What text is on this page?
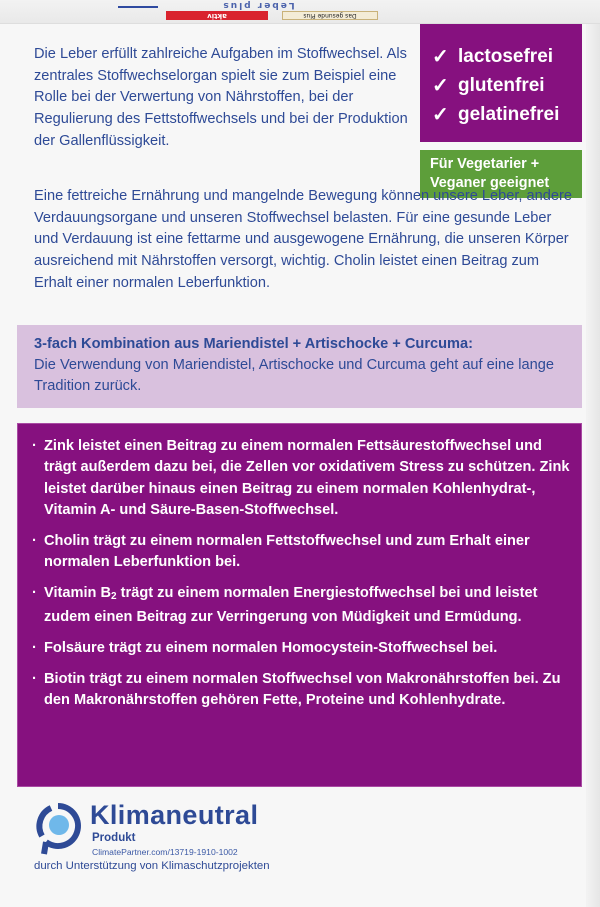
Leber plus
aktiv	Das gesunde Plus

Die Leber erfüllt zahlreiche Aufgaben im Stoffwechsel. Als zentrales Stoffwechselorgan spielt sie zum Beispiel eine Rolle bei der Verwertung von Nährstoffen, bei der Regulierung des Fettstoffwechsels und bei der Produktion der Gallenflüssigkeit.

✓ lactosefrei
✓ glutenfrei
✓ gelatinefrei
Für Vegetarier +
Veganer geeignet

Eine fettreiche Ernährung und mangelnde Bewegung können unsere Leber, andere Verdauungsorgane und unseren Stoffwechsel belasten. Für eine gesunde Leber und Verdauung ist eine fettarme und ausgewogene Ernährung, die unseren Körper ausreichend mit Nährstoffen versorgt, wichtig. Cholin leistet einen Beitrag zum Erhalt einer normalen Leberfunktion.

3-fach Kombination aus Mariendistel + Artischocke + Curcuma:
Die Verwendung von Mariendistel, Artischocke und Curcuma geht auf eine lange Tradition zurück.
· Zink leistet einen Beitrag zu einem normalen Fettsäurestoffwechsel und trägt außerdem dazu bei, die Zellen vor oxidativem Stress zu schützen. Zink leistet darüber hinaus einen Beitrag zu einem normalen Kohlenhydrat-, Vitamin A- und Säure-Basen-Stoffwechsel.
· Cholin trägt zu einem normalen Fettstoffwechsel und zum Erhalt einer normalen Leberfunktion bei.
· Vitamin $B_2$ trägt zu einem normalen Energiestoffwechsel bei und leistet zudem einen Beitrag zur Verringerung von Müdigkeit und Ermüdung.
· Folsäure trägt zu einem normalen Homocystein-Stoffwechsel bei.
· Biotin trägt zu einem normalen Stoffwechsel von Makronährstoffen bei. Zu den Makronährstoffen gehören Fette, Proteine und Kohlenhydrate.
Klimaneutral
Produkt
ClimatePartner.com/13719-1910-1002
durch Unterstützung von Klimaschutzprojekten
